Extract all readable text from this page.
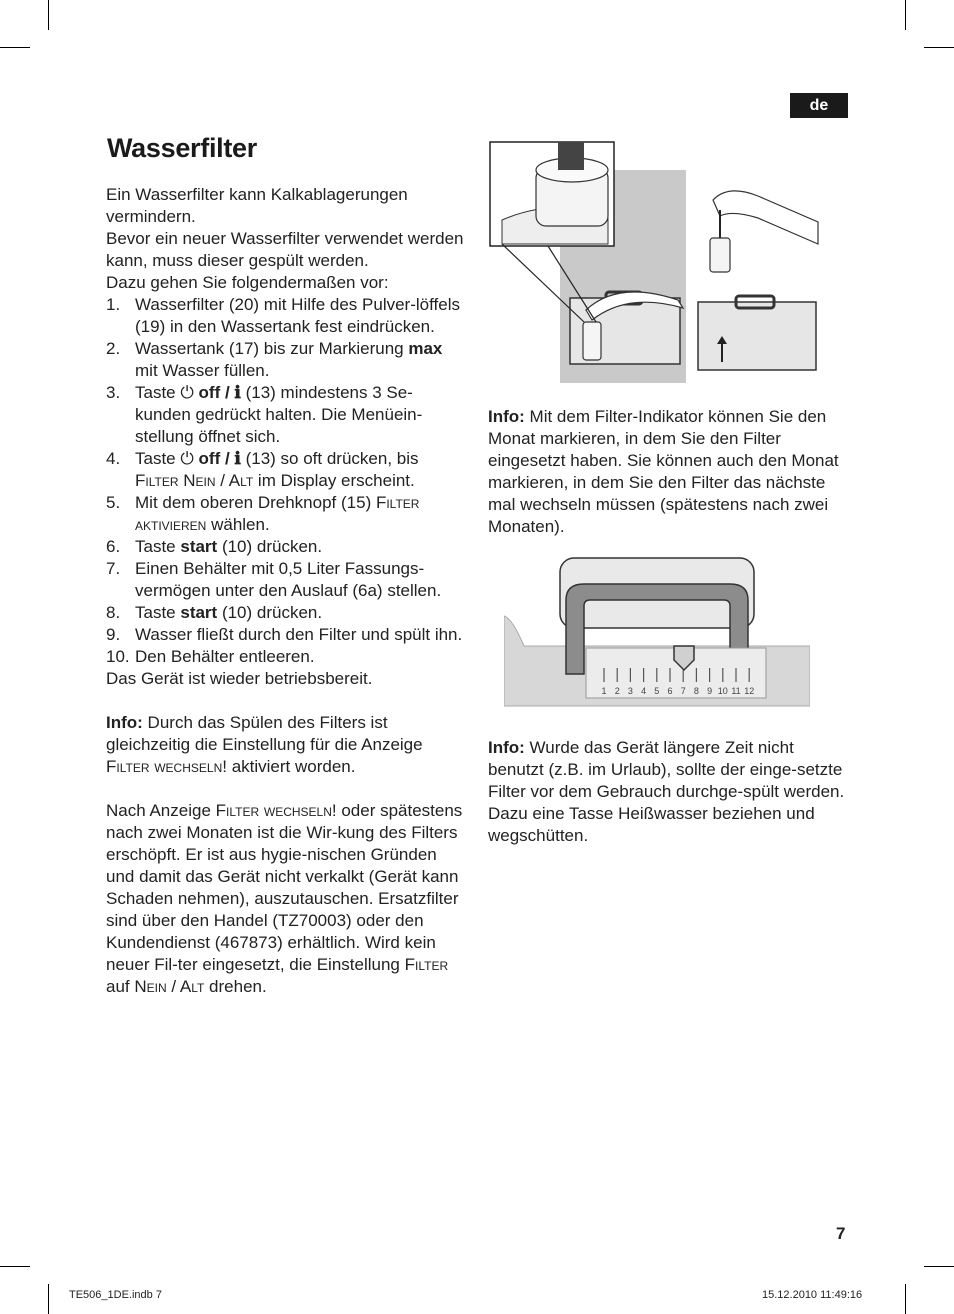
de
Wasserfilter

Ein Wasserfilter kann Kalkablagerungen vermindern.

Bevor ein neuer Wasserfilter verwendet werden kann, muss dieser gespült werden.

Dazu gehen Sie folgendermaßen vor:

1. Wasserfilter (20) mit Hilfe des Pulver-löffels (19) in den Wassertank fest eindrücken.
2. Wassertank (17) bis zur Markierung max mit Wasser füllen.
3. Taste ⏻ off / ℹ (13) mindestens 3 Se-kunden gedrückt halten. Die Menüein-stellung öffnet sich.
4. Taste ⏻ off / ℹ (13) so oft drücken, bis Filter Nein / Alt im Display erscheint.
5. Mit dem oberen Drehknopf (15) Filter aktivieren wählen.
6. Taste start (10) drücken.
7. Einen Behälter mit 0,5 Liter Fassungs-vermögen unter den Auslauf (6a) stellen.
8. Taste start (10) drücken.
9. Wasser fließt durch den Filter und spült ihn.
10. Den Behälter entleeren.

Das Gerät ist wieder betriebsbereit.

Info: Durch das Spülen des Filters ist gleichzeitig die Einstellung für die Anzeige Filter wechseln! aktiviert worden.

Nach Anzeige Filter wechseln! oder spätestens nach zwei Monaten ist die Wir-kung des Filters erschöpft. Er ist aus hygie-nischen Gründen und damit das Gerät nicht verkalkt (Gerät kann Schaden nehmen), auszutauschen. Ersatzfilter sind über den Handel (TZ70003) oder den Kundendienst (467873) erhältlich. Wird kein neuer Fil-ter eingesetzt, die Einstellung Filter auf Nein / Alt drehen.

Info: Mit dem Filter-Indikator können Sie den Monat markieren, in dem Sie den Filter eingesetzt haben. Sie können auch den Monat markieren, in dem Sie den Filter das nächste mal wechseln müssen (spätestens nach zwei Monaten).

1 2 3 4 5 6 7 8 9 10 11 12

Info: Wurde das Gerät längere Zeit nicht benutzt (z.B. im Urlaub), sollte der einge-setzte Filter vor dem Gebrauch durchge-spült werden. Dazu eine Tasse Heißwasser beziehen und wegschütten.

7
TE506_1DE.indb 7	15.12.2010 11:49:16
